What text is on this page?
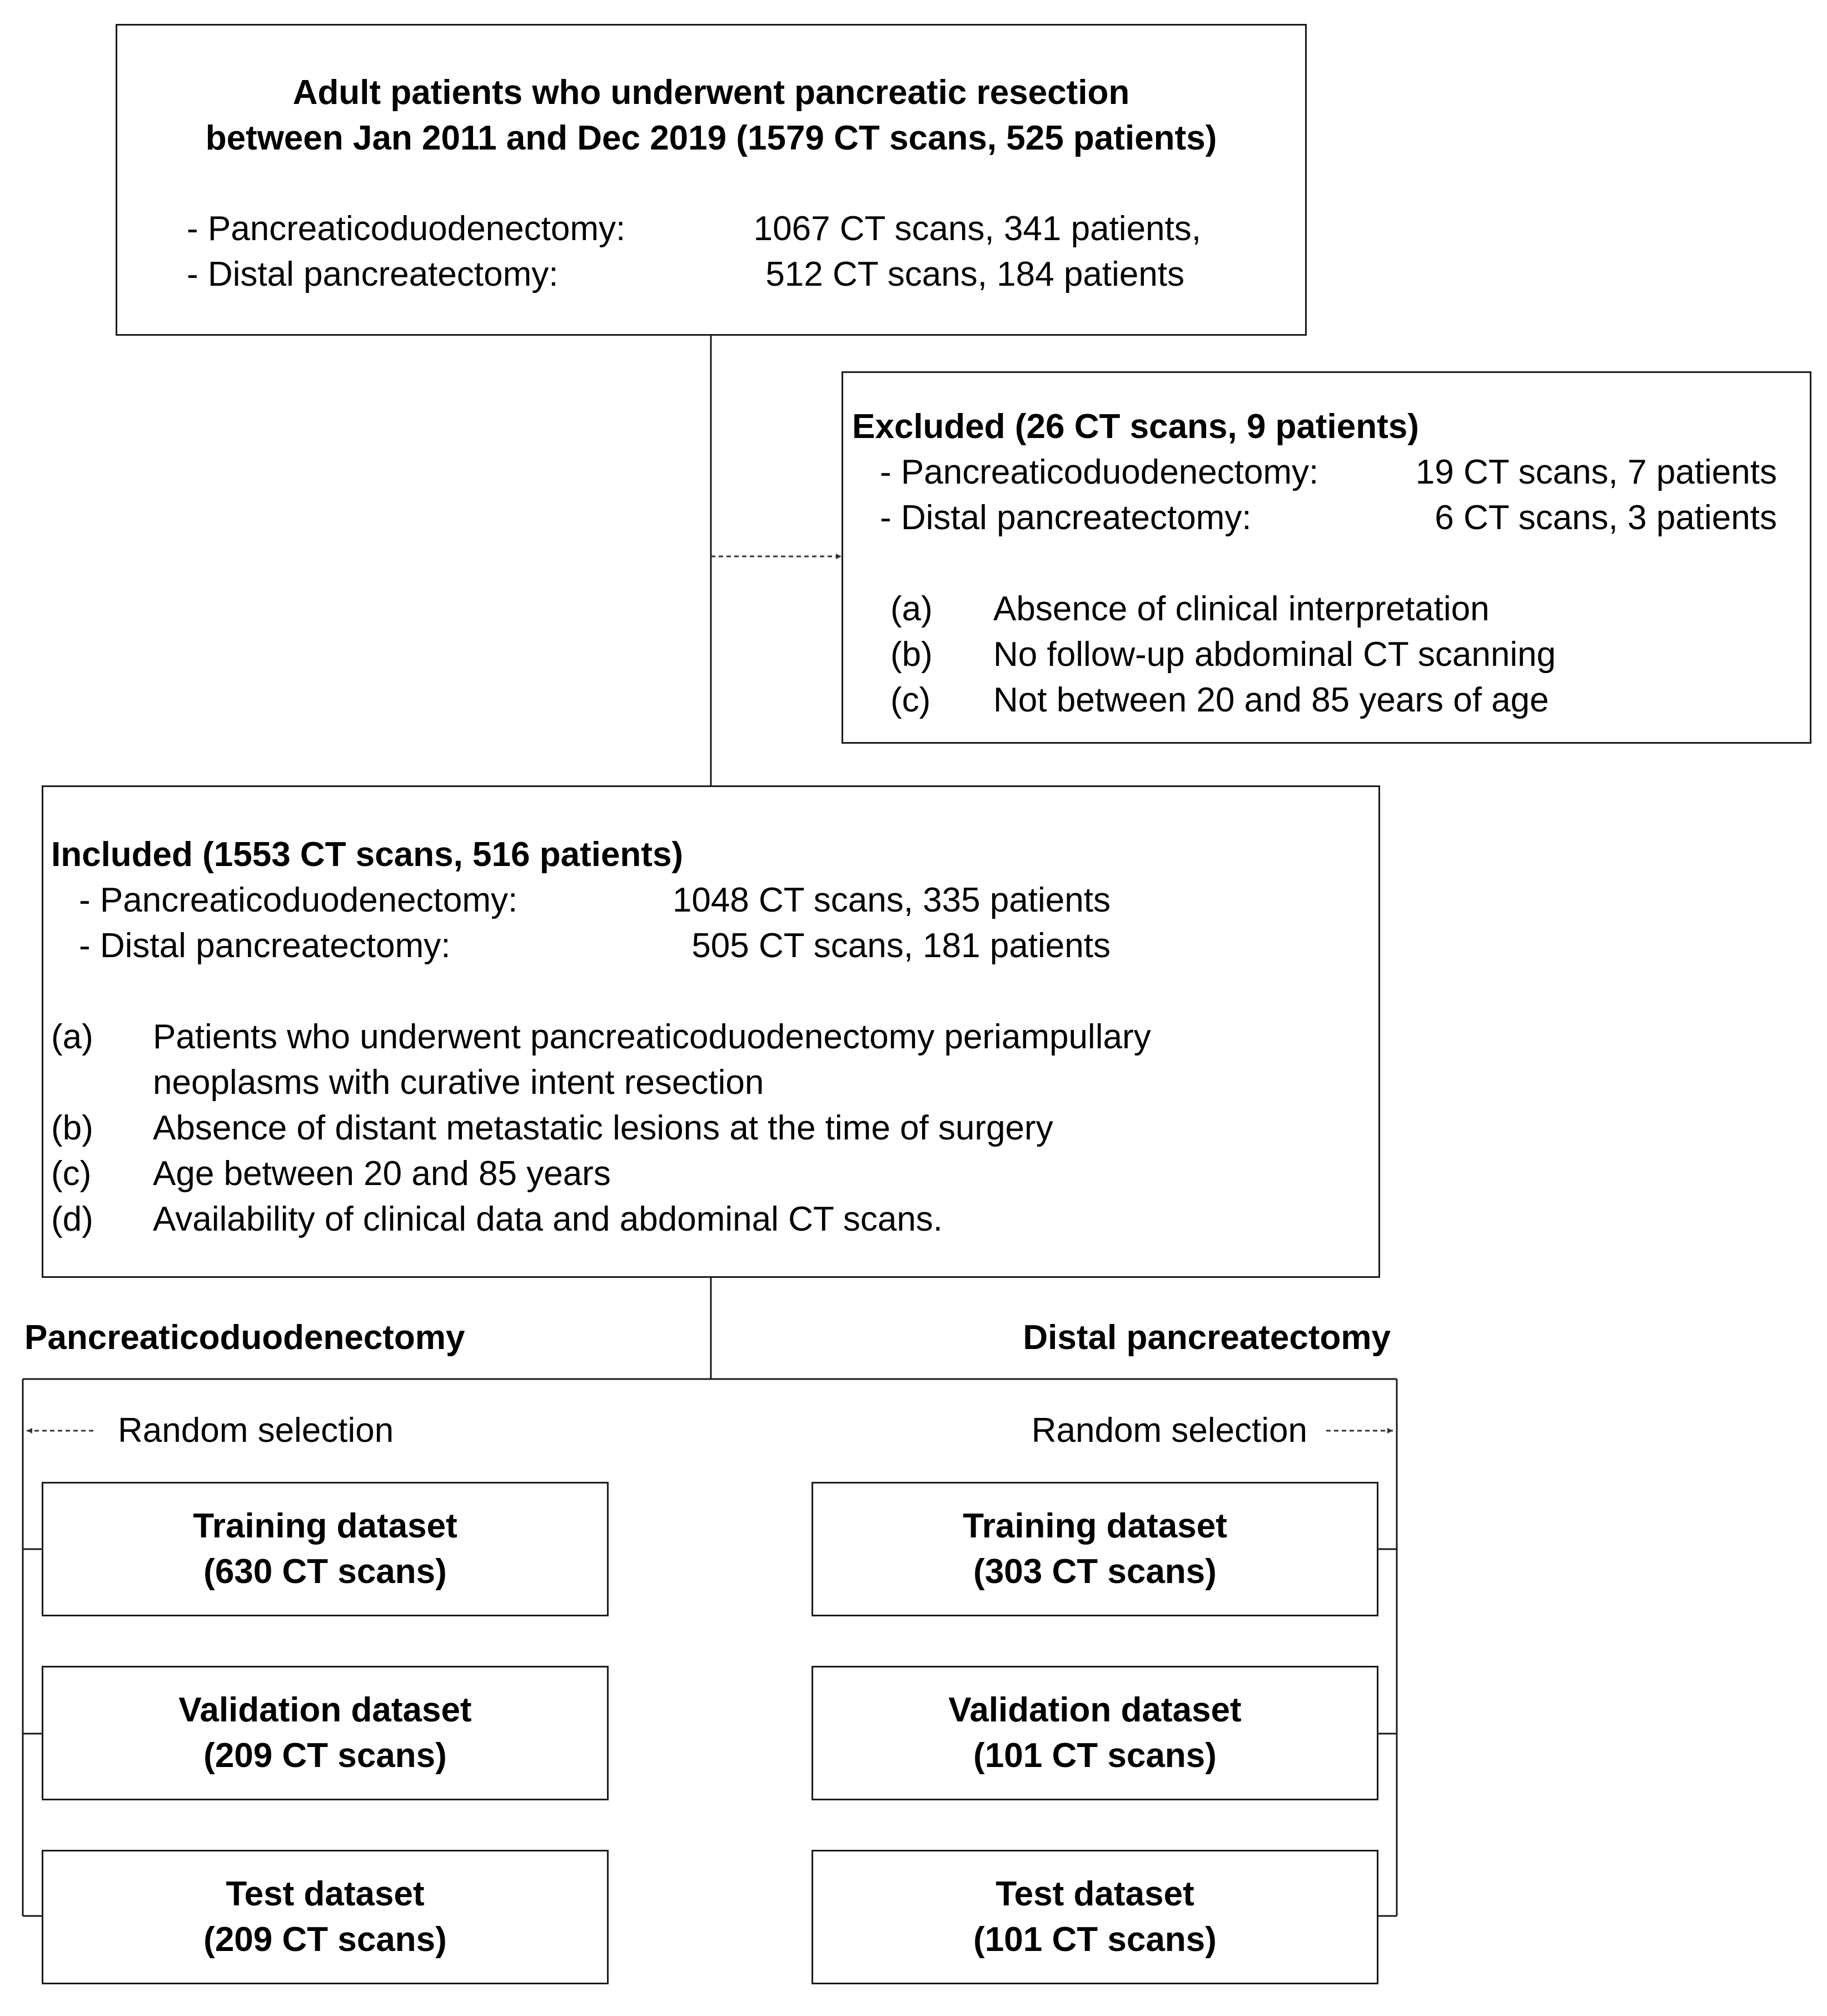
Adult patients who underwent pancreatic resection
between Jan 2011 and Dec 2019 (1579 CT scans, 525 patients)
- Pancreaticoduodenectomy:	1067 CT scans, 341 patients,
- Distal pancreatectomy:	512 CT scans, 184 patients
Excluded (26 CT scans, 9 patients)
- Pancreaticoduodenectomy:	19 CT scans, 7 patients
- Distal pancreatectomy:	6 CT scans, 3 patients
(a) Absence of clinical interpretation
(b) No follow-up abdominal CT scanning
(c) Not between 20 and 85 years of age
Included (1553 CT scans, 516 patients)
- Pancreaticoduodenectomy:	1048 CT scans, 335 patients
- Distal pancreatectomy:	505 CT scans, 181 patients
(a) Patients who underwent pancreaticoduodenectomy periampullary
neoplasms with curative intent resection
(b) Absence of distant metastatic lesions at the time of surgery
(c) Age between 20 and 85 years
(d) Availability of clinical data and abdominal CT scans.
Pancreaticoduodenectomy	Distal pancreatectomy
Random selection	Random selection
Training dataset
(630 CT scans)
Validation dataset
(209 CT scans)
Test dataset
(209 CT scans)
Training dataset
(303 CT scans)
Validation dataset
(101 CT scans)
Test dataset
(101 CT scans)
